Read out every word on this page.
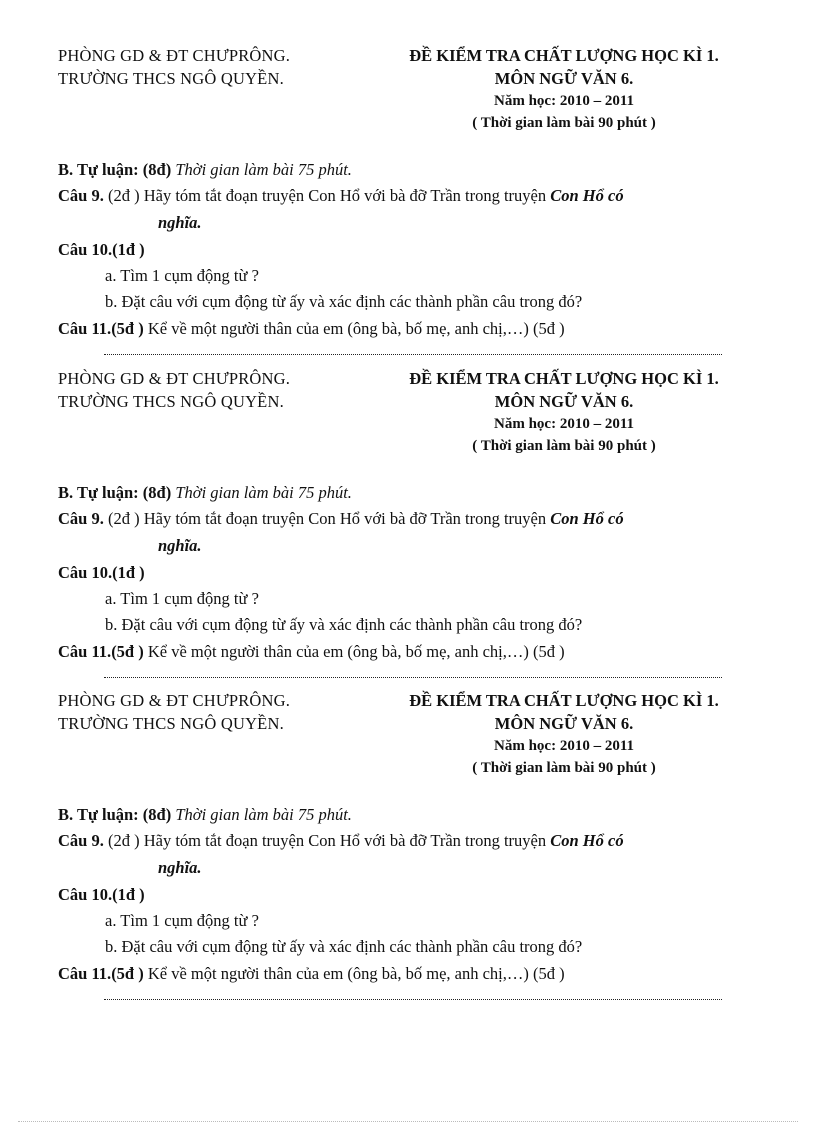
PHÒNG GD & ĐT CHƯPRÔNG.
TRƯỜNG THCS NGÔ QUYỀN.
ĐỀ KIỂM TRA CHẤT LƯỢNG HỌC KÌ 1.
MÔN NGỮ VĂN 6.
Năm học: 2010 – 2011
( Thời gian làm bài 90 phút )
B. Tự luận: (8đ) Thời gian làm bài 75 phút.
Câu 9. (2đ ) Hãy tóm tắt đoạn truyện Con Hổ với bà đỡ Trần trong truyện Con Hổ có
nghĩa.
Câu 10.(1đ )
a. Tìm 1 cụm động từ ?
b. Đặt câu với cụm động từ ấy và xác định các thành phần câu trong đó?
Câu 11.(5đ ) Kể về một người thân của em (ông bà, bố mẹ, anh chị,…) (5đ )
PHÒNG GD & ĐT CHƯPRÔNG.
TRƯỜNG THCS NGÔ QUYỀN.
ĐỀ KIỂM TRA CHẤT LƯỢNG HỌC KÌ 1.
MÔN NGỮ VĂN 6.
Năm học: 2010 – 2011
( Thời gian làm bài 90 phút )
B. Tự luận: (8đ) Thời gian làm bài 75 phút.
Câu 9. (2đ ) Hãy tóm tắt đoạn truyện Con Hổ với bà đỡ Trần trong truyện Con Hổ có
nghĩa.
Câu 10.(1đ )
a. Tìm 1 cụm động từ ?
b. Đặt câu với cụm động từ ấy và xác định các thành phần câu trong đó?
Câu 11.(5đ ) Kể về một người thân của em (ông bà, bố mẹ, anh chị,…) (5đ )
PHÒNG GD & ĐT CHƯPRÔNG.
TRƯỜNG THCS NGÔ QUYỀN.
ĐỀ KIỂM TRA CHẤT LƯỢNG HỌC KÌ 1.
MÔN NGỮ VĂN 6.
Năm học: 2010 – 2011
( Thời gian làm bài 90 phút )
B. Tự luận: (8đ) Thời gian làm bài 75 phút.
Câu 9. (2đ ) Hãy tóm tắt đoạn truyện Con Hổ với bà đỡ Trần trong truyện Con Hổ có
nghĩa.
Câu 10.(1đ )
a. Tìm 1 cụm động từ ?
b. Đặt câu với cụm động từ ấy và xác định các thành phần câu trong đó?
Câu 11.(5đ ) Kể về một người thân của em (ông bà, bố mẹ, anh chị,…) (5đ )
